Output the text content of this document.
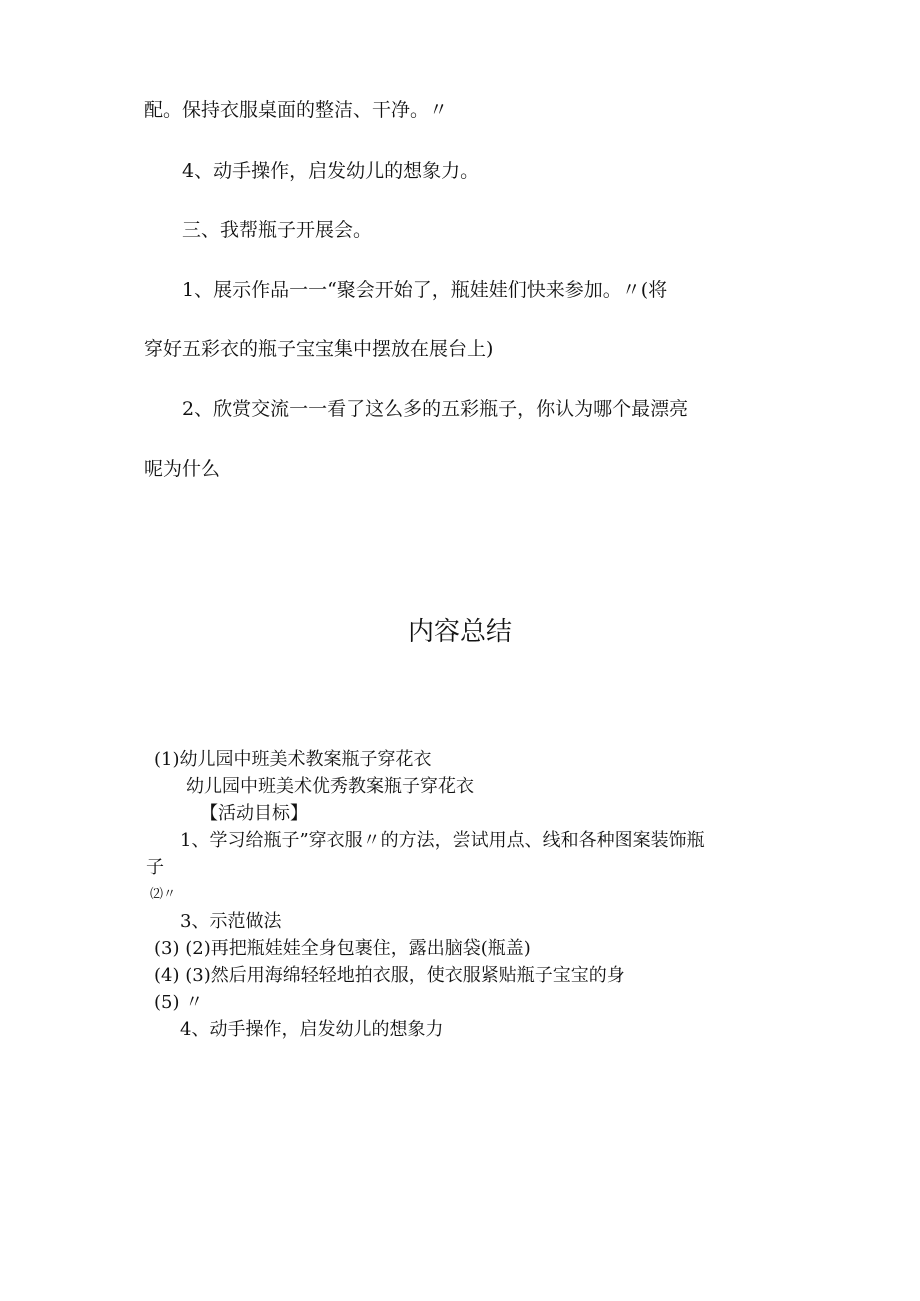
配。保持衣服桌面的整洁、干净。〃
4、动手操作，启发幼儿的想象力。
三、我帮瓶子开展会。
1、展示作品一一“聚会开始了，瓶娃娃们快来参加。〃(将
穿好五彩衣的瓶子宝宝集中摆放在展台上)
2、欣赏交流一一看了这么多的五彩瓶子，你认为哪个最漂亮
呢为什么
内容总结
(1)幼儿园中班美术教案瓶子穿花衣
幼儿园中班美术优秀教案瓶子穿花衣
【活动目标】
1、学习给瓶子”穿衣服〃的方法，尝试用点、线和各种图案装饰瓶
子
⑵〃
3、示范做法
(3) (2)再把瓶娃娃全身包裹住，露出脑袋(瓶盖)
(4) (3)然后用海绵轻轻地拍衣服，使衣服紧贴瓶子宝宝的身
(5) 〃
4、动手操作，启发幼儿的想象力
